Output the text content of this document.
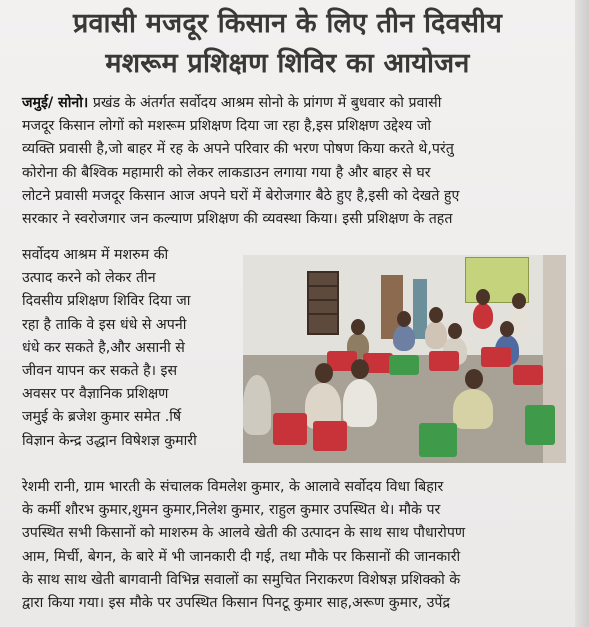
प्रवासी मजदूर किसान के लिए तीन दिवसीय
मशरूम प्रशिक्षण शिविर का आयोजन
जमुई/ सोनो। प्रखंड के अंतर्गत सर्वोदय आश्रम सोनो के प्रांगण में बुधवार को प्रवासी
मजदूर किसान लोगों को मशरूम प्रशिक्षण दिया जा रहा है,इस प्रशिक्षण उद्देश्य जो
व्यक्ति प्रवासी है,जो बाहर में रह के अपने परिवार की भरण पोषण किया करते थे,परंतु
कोरोना की बैश्विक महामारी को लेकर लाकडाउन लगाया गया है और बाहर से घर
लोटने प्रवासी मजदूर किसान आज अपने घरों में बेरोजगार बैठे हुए है,इसी को देखते हुए
सरकार ने स्वरोजगार जन कल्याण प्रशिक्षण की व्यवस्था किया। इसी प्रशिक्षण के तहत
सर्वोदय आश्रम में मशरुम की
उत्पाद करने को लेकर तीन
दिवसीय प्रशिक्षण शिविर दिया जा
रहा है ताकि वे इस धंधे से अपनी
धंधे कर सकते है,और असानी से
जीवन यापन कर सकते है। इस
अवसर पर वैज्ञानिक प्रशिक्षण
जमुई के ब्रजेश कुमार समेत .र्षि
विज्ञान केन्द्र उद्धान विषेशज्ञ कुमारी
रेशमी रानी, ग्राम भारती के संचालक विमलेश कुमार, के आलावे सर्वोदय विधा बिहार
के कर्मी शौरभ कुमार,शुमन कुमार,निलेश कुमार, राहुल कुमार उपस्थित थे। मौके पर
उपस्थित सभी किसानों को माशरुम के आलवे खेती की उत्पादन के साथ साथ पौधारोपण
आम, मिर्ची, बेगन, के बारे में भी जानकारी दी गई, तथा मौके पर किसानों की जानकारी
के साथ साथ खेती बागवानी विभिन्न सवालों का समुचित निराकरण विशेषज्ञ प्रशिक्को के
द्वारा किया गया। इस मौके पर उपस्थित किसान पिनटू कुमार साह,अरूण कुमार, उपेंद्र
